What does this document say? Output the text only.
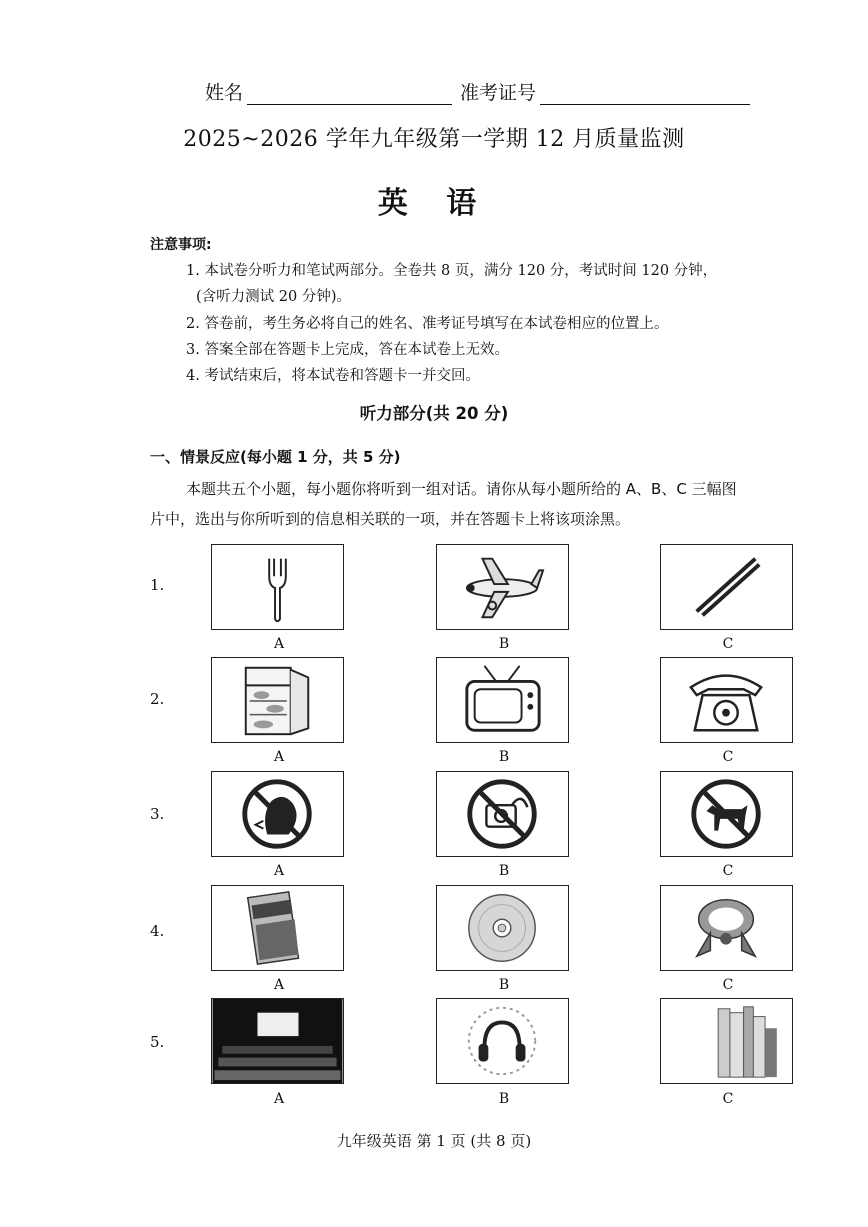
姓名	准考证号
2025~2026 学年九年级第一学期 12 月质量监测
英 语
注意事项:
1. 本试卷分听力和笔试两部分。全卷共 8 页，满分 120 分，考试时间 120 分钟，
(含听力测试 20 分钟)。
2. 答卷前，考生务必将自己的姓名、准考证号填写在本试卷相应的位置上。
3. 答案全部在答题卡上完成，答在本试卷上无效。
4. 考试结束后，将本试卷和答题卡一并交回。
听力部分(共 20 分)
一、情景反应(每小题 1 分，共 5 分)
本题共五个小题，每小题你将听到一组对话。请你从每小题所给的 A、B、C 三幅图
片中，选出与你所听到的信息相关联的一项，并在答题卡上将该项涂黑。
1.
A	B	C
2.
A	B	C
3.
A	B	C
4.
A	B	C
5.
A	B	C
九年级英语 第 1 页 (共 8 页)
